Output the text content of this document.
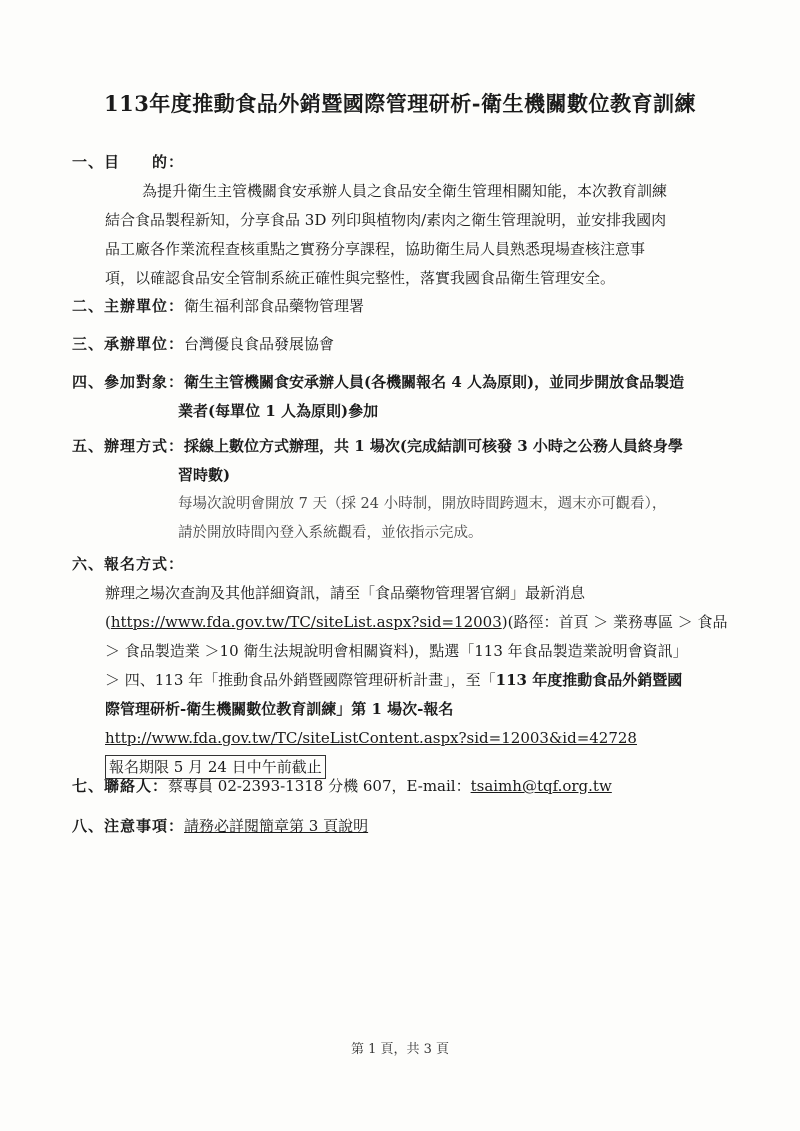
113年度推動食品外銷暨國際管理研析-衛生機關數位教育訓練
一、目　　的：
為提升衛生主管機關食安承辦人員之食品安全衛生管理相關知能，本次教育訓練
結合食品製程新知，分享食品 3D 列印與植物肉/素肉之衛生管理說明，並安排我國肉
品工廠各作業流程查核重點之實務分享課程，協助衛生局人員熟悉現場查核注意事
項，以確認食品安全管制系統正確性與完整性，落實我國食品衛生管理安全。
二、主辦單位：衛生福利部食品藥物管理署
三、承辦單位：台灣優良食品發展協會
四、參加對象：衛生主管機關食安承辦人員(各機關報名 4 人為原則)，並同步開放食品製造
業者(每單位 1 人為原則)參加
五、辦理方式：採線上數位方式辦理，共 1 場次(完成結訓可核發 3 小時之公務人員終身學
習時數)
每場次說明會開放 7 天（採 24 小時制，開放時間跨週末，週末亦可觀看），
請於開放時間內登入系統觀看，並依指示完成。
六、報名方式：
辦理之場次查詢及其他詳細資訊，請至「食品藥物管理署官網」最新消息
(https://www.fda.gov.tw/TC/siteList.aspx?sid=12003)(路徑：首頁 ＞ 業務專區 ＞ 食品
＞ 食品製造業 ＞10 衛生法規說明會相關資料)，點選「113 年食品製造業說明會資訊」
＞ 四、113 年「推動食品外銷暨國際管理研析計畫」，至「113 年度推動食品外銷暨國
際管理研析-衛生機關數位教育訓練」第 1 場次-報名
http://www.fda.gov.tw/TC/siteListContent.aspx?sid=12003&id=42728
報名期限 5 月 24 日中午前截止
七、聯絡人：蔡專員 02-2393-1318 分機 607，E-mail：tsaimh@tqf.org.tw
八、注意事項：請務必詳閱簡章第 3 頁說明
第 1 頁，共 3 頁
